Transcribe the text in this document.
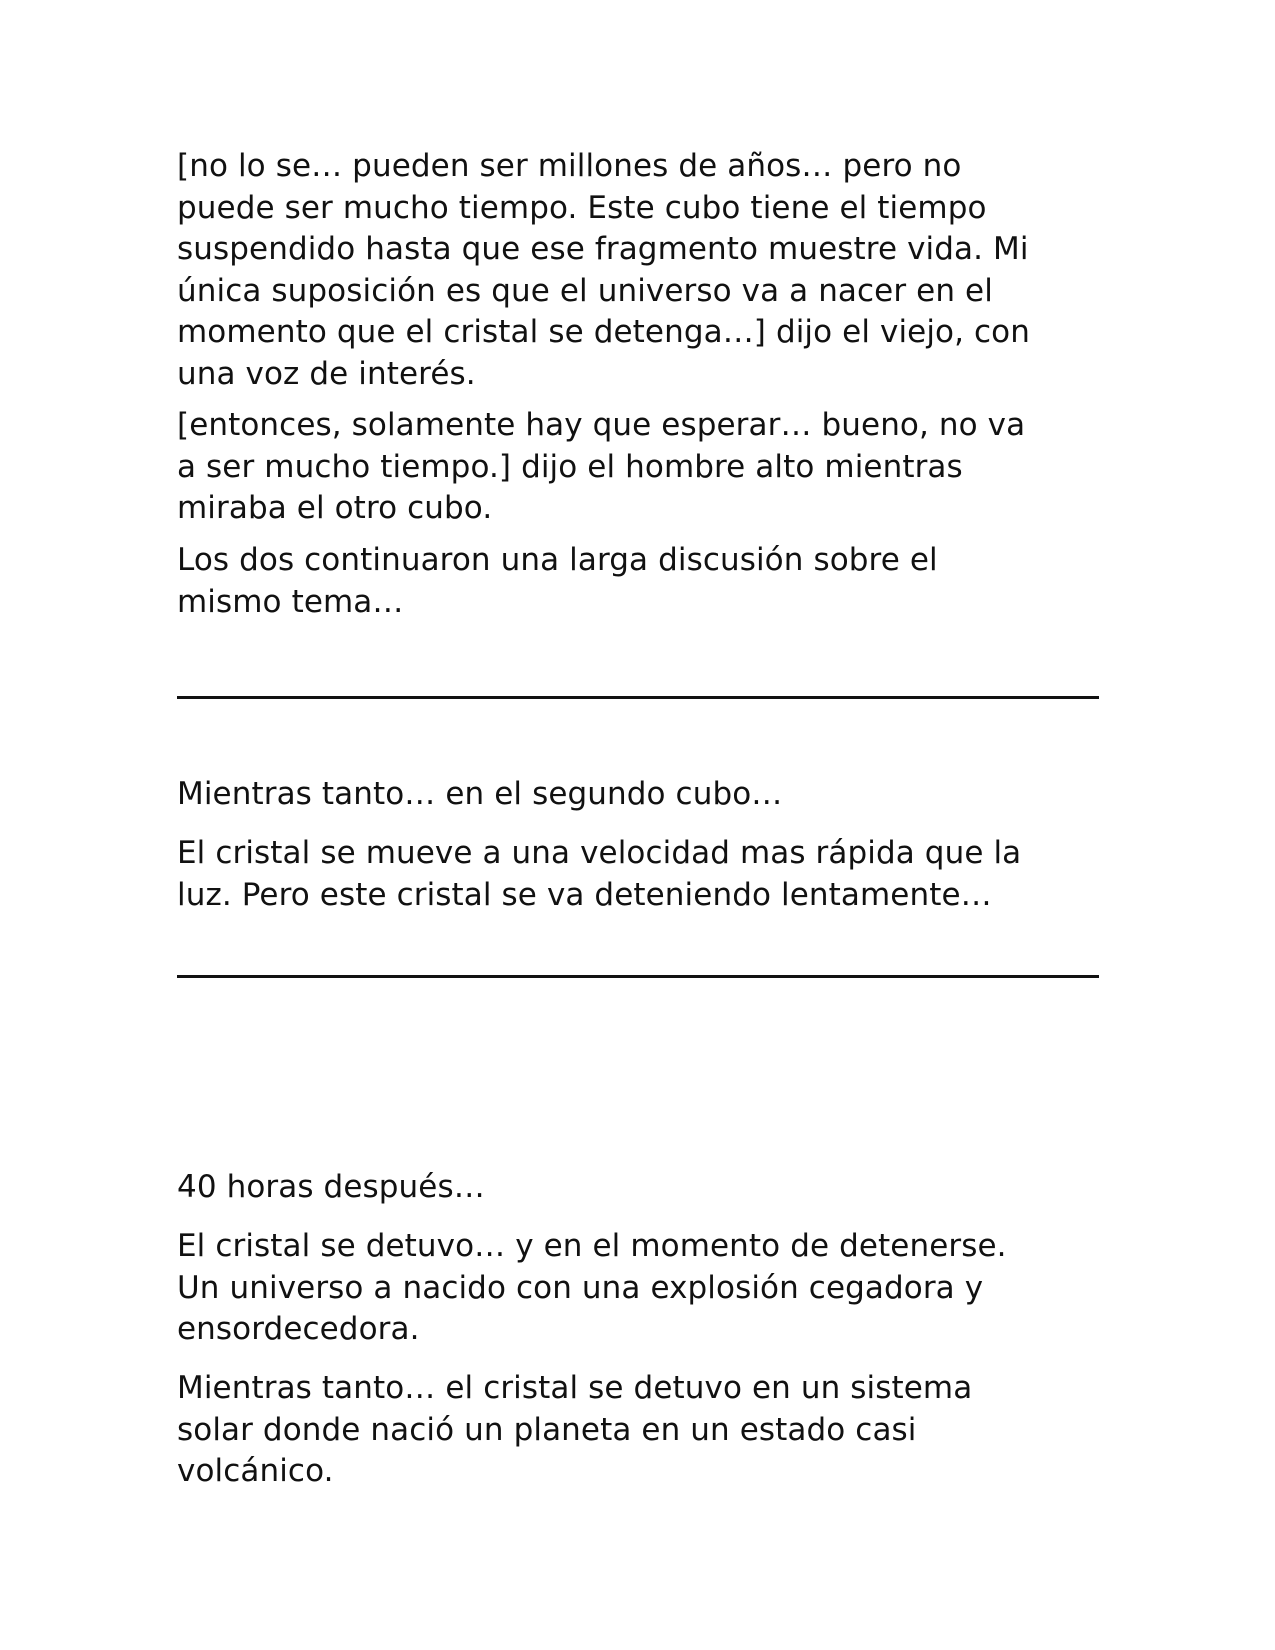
[no lo se… pueden ser millones de años… pero no
puede ser mucho tiempo. Este cubo tiene el tiempo
suspendido hasta que ese fragmento muestre vida. Mi
única suposición es que el universo va a nacer en el
momento que el cristal se detenga…] dijo el viejo, con
una voz de interés.

[entonces, solamente hay que esperar… bueno, no va
a ser mucho tiempo.] dijo el hombre alto mientras
miraba el otro cubo.

Los dos continuaron una larga discusión sobre el
mismo tema…

Mientras tanto… en el segundo cubo…

El cristal se mueve a una velocidad mas rápida que la
luz. Pero este cristal se va deteniendo lentamente…

40 horas después…

El cristal se detuvo… y en el momento de detenerse.
Un universo a nacido con una explosión cegadora y
ensordecedora.

Mientras tanto… el cristal se detuvo en un sistema
solar donde nació un planeta en un estado casi
volcánico.
